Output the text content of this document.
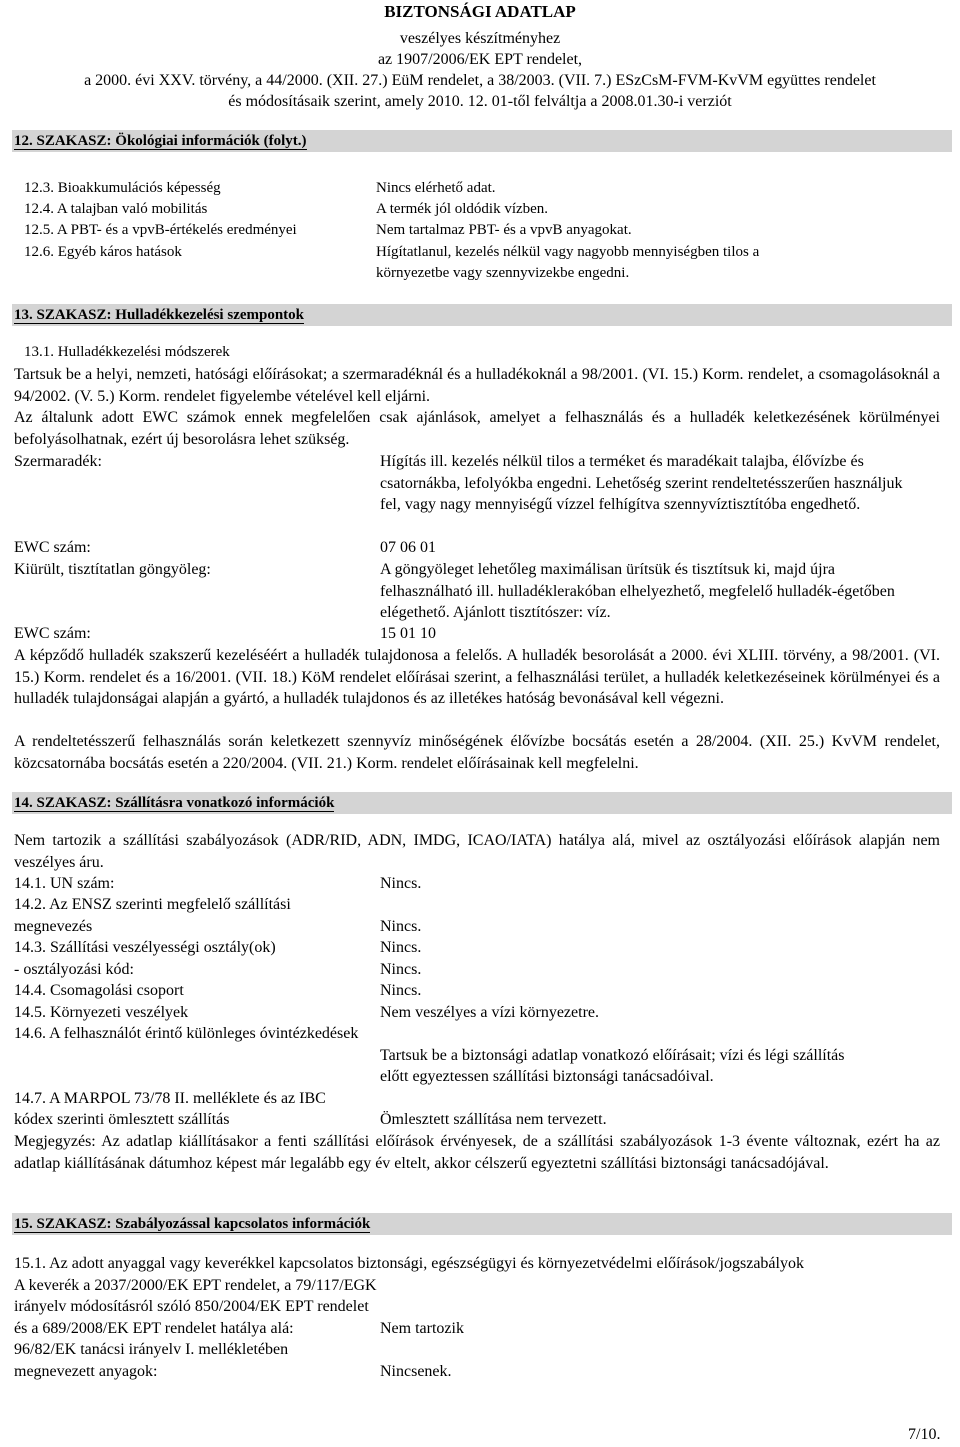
BIZTONSÁGI ADATLAP
veszélyes készítményhez
az 1907/2006/EK EPT rendelet,
a 2000. évi XXV. törvény, a 44/2000. (XII. 27.) EüM rendelet, a 38/2003. (VII. 7.) ESzCsM-FVM-KvVM együttes rendelet
és módosításaik szerint, amely 2010. 12. 01-től felváltja a 2008.01.30-i verziót
12. SZAKASZ: Ökológiai információk (folyt.)
12.3. Bioakkumulációs képesség	Nincs elérhető adat.
12.4. A talajban való mobilitás	A termék jól oldódik vízben.
12.5. A PBT- és a vpvB-értékelés eredményei	Nem tartalmaz PBT- és a vpvB anyagokat.
12.6. Egyéb káros hatások	Hígítatlanul, kezelés nélkül vagy nagyobb mennyiségben tilos a
környezetbe vagy szennyvizekbe engedni.
13. SZAKASZ: Hulladékkezelési szempontok
13.1. Hulladékkezelési módszerek
Tartsuk be a helyi, nemzeti, hatósági előírásokat; a szermaradéknál és a hulladékoknál a 98/2001. (VI. 15.) Korm. rendelet, a csomagolásoknál a 94/2002. (V. 5.) Korm. rendelet figyelembe vételével kell eljárni.
Az általunk adott EWC számok ennek megfelelően csak ajánlások, amelyet a felhasználás és a hulladék keletkezésének körülményei befolyásolhatnak, ezért új besorolásra lehet szükség.
Szermaradék:	Hígítás ill. kezelés nélkül tilos a terméket és maradékait talajba, élővízbe és csatornákba, lefolyókba engedni. Lehetőség szerint rendeltetésszerűen használjuk fel, vagy nagy mennyiségű vízzel felhígítva szennyvíztisztítóba engedhető.
EWC szám:	07 06 01
Kiürült, tisztítatlan göngyöleg:	A göngyöleget lehetőleg maximálisan ürítsük és tisztítsuk ki, majd újra felhasználható ill. hulladéklerakóban elhelyezhető, megfelelő hulladék-égetőben elégethető. Ajánlott tisztítószer: víz.
EWC szám:	15 01 10
A képződő hulladék szakszerű kezeléséért a hulladék tulajdonosa a felelős. A hulladék besorolását a 2000. évi XLIII. törvény, a 98/2001. (VI. 15.) Korm. rendelet és a 16/2001. (VII. 18.) KöM rendelet előírásai szerint, a felhasználási terület, a hulladék keletkezéseinek körülményei és a hulladék tulajdonságai alapján a gyártó, a hulladék tulajdonos és az illetékes hatóság bevonásával kell végezni.
A rendeltetésszerű felhasználás során keletkezett szennyvíz minőségének élővízbe bocsátás esetén a 28/2004. (XII. 25.) KvVM rendelet, közcsatornába bocsátás esetén a 220/2004. (VII. 21.) Korm. rendelet előírásainak kell megfelelni.
14. SZAKASZ: Szállításra vonatkozó információk
Nem tartozik a szállítási szabályozások (ADR/RID, ADN, IMDG, ICAO/IATA) hatálya alá, mivel az osztályozási előírások alapján nem veszélyes áru.
14.1. UN szám:	Nincs.
14.2. Az ENSZ szerinti megfelelő szállítási
megnevezés	Nincs.
14.3. Szállítási veszélyességi osztály(ok)	Nincs.
- osztályozási kód:	Nincs.
14.4. Csomagolási csoport	Nincs.
14.5. Környezeti veszélyek	Nem veszélyes a vízi környezetre.
14.6. A felhasználót érintő különleges óvintézkedések
Tartsuk be a biztonsági adatlap vonatkozó előírásait; vízi és légi szállítás
előtt egyeztessen szállítási biztonsági tanácsadóival.
14.7. A MARPOL 73/78 II. melléklete és az IBC
kódex szerinti ömlesztett szállítás	Ömlesztett szállítása nem tervezett.
Megjegyzés: Az adatlap kiállításakor a fenti szállítási előírások érvényesek, de a szállítási szabályozások 1-3 évente változnak, ezért ha az adatlap kiállításának dátumhoz képest már legalább egy év eltelt, akkor célszerű egyeztetni szállítási biztonsági tanácsadójával.
15. SZAKASZ: Szabályozással kapcsolatos információk
15.1. Az adott anyaggal vagy keverékkel kapcsolatos biztonsági, egészségügyi és környezetvédelmi előírások/jogszabályok
A keverék a 2037/2000/EK EPT rendelet, a 79/117/EGK
irányelv módosításról szóló 850/2004/EK EPT rendelet
és a 689/2008/EK EPT rendelet hatálya alá:	Nem tartozik
96/82/EK tanácsi irányelv I. mellékletében
megnevezett anyagok:	Nincsenek.
7/10.
